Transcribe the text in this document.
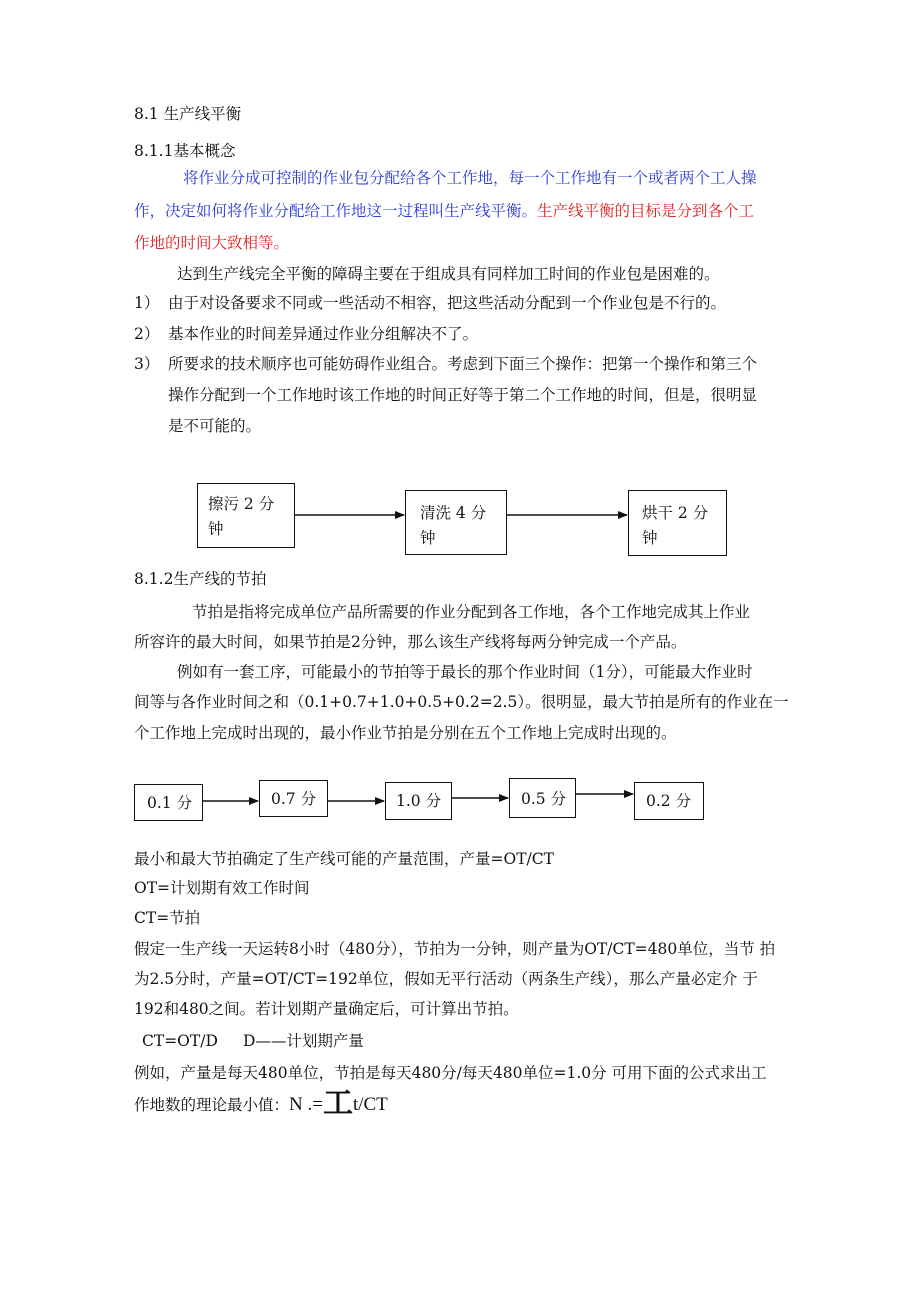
8.1 生产线平衡
8.1.1基本概念
将作业分成可控制的作业包分配给各个工作地，每一个工作地有一个或者两个工人操
作，决定如何将作业分配给工作地这一过程叫生产线平衡。生产线平衡的目标是分到各个工
作地的时间大致相等。
达到生产线完全平衡的障碍主要在于组成具有同样加工时间的作业包是困难的。
1） 由于对设备要求不同或一些活动不相容，把这些活动分配到一个作业包是不行的。
2） 基本作业的时间差异通过作业分组解决不了。
3） 所要求的技术顺序也可能妨碍作业组合。考虑到下面三个操作：把第一个操作和第三个
操作分配到一个工作地时该工作地的时间正好等于第二个工作地的时间，但是，很明显
是不可能的。
擦污 2 分
钟
清洗 4 分
钟
烘干 2 分
钟
8.1.2生产线的节拍
节拍是指将完成单位产品所需要的作业分配到各工作地，各个工作地完成其上作业
所容许的最大时间，如果节拍是2分钟，那么该生产线将每两分钟完成一个产品。
例如有一套工序，可能最小的节拍等于最长的那个作业时间（1分），可能最大作业时
间等与各作业时间之和（0.1+0.7+1.0+0.5+0.2=2.5）。很明显，最大节拍是所有的作业在一
个工作地上完成时出现的，最小作业节拍是分别在五个工作地上完成时出现的。
0.1 分	0.7 分	1.0 分	0.5 分	0.2 分
最小和最大节拍确定了生产线可能的产量范围，产量=OT/CT
OT=计划期有效工作时间
CT=节拍
假定一生产线一天运转8小时（480分），节拍为一分钟，则产量为OT/CT=480单位，当节 拍
为2.5分时，产量=OT/CT=192单位，假如无平行活动（两条生产线），那么产量必定介 于
192和480之间。若计划期产量确定后，可计算出节拍。
CT=OT/D D——计划期产量
例如，产量是每天480单位，节拍是每天480分/每天480单位=1.0分 可用下面的公式求出工
作地数的理论最小值：N .=工t/CT
